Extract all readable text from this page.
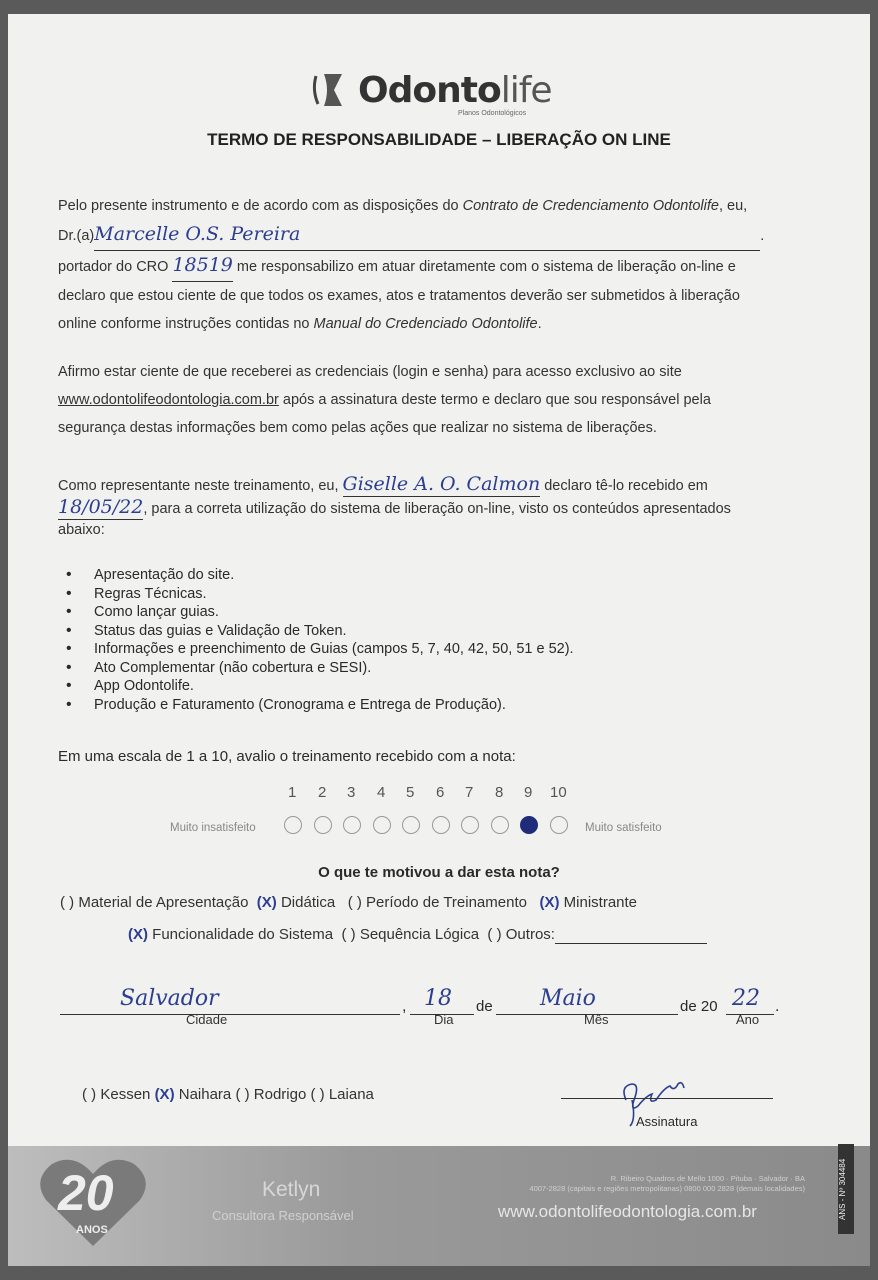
Odontolife
Planos Odontológicos
TERMO DE RESPONSABILIDADE – LIBERAÇÃO ON LINE
Pelo presente instrumento e de acordo com as disposições do Contrato de Credenciamento Odontolife, eu,
Dr.(a)Marcelle O.S. Pereira	.
portador do CRO 18519 me responsabilizo em atuar diretamente com o sistema de liberação on-line e declaro que estou ciente de que todos os exames, atos e tratamentos deverão ser submetidos à liberação online conforme instruções contidas no Manual do Credenciado Odontolife.
Afirmo estar ciente de que receberei as credenciais (login e senha) para acesso exclusivo ao site www.odontolifeodontologia.com.br após a assinatura deste termo e declaro que sou responsável pela segurança destas informações bem como pelas ações que realizar no sistema de liberações.
Como representante neste treinamento, eu, Giselle A. O. Calmon declaro tê-lo recebido em 18/05/22, para a correta utilização do sistema de liberação on-line, visto os conteúdos apresentados abaixo:
• Apresentação do site.
• Regras Técnicas.
• Como lançar guias.
• Status das guias e Validação de Token.
• Informações e preenchimento de Guias (campos 5, 7, 40, 42, 50, 51 e 52).
• Ato Complementar (não cobertura e SESI).
• App Odontolife.
• Produção e Faturamento (Cronograma e Entrega de Produção).
Em uma escala de 1 a 10, avalio o treinamento recebido com a nota:
1 2 3 4 5 6 7 8 9 10
Muito insatisfeito	Muito satisfeito
O que te motivou a dar esta nota?
( ) Material de Apresentação (X) Didática ( ) Período de Treinamento (X) Ministrante
(X) Funcionalidade do Sistema ( ) Sequência Lógica ( ) Outros:
Salvador
Cidade
, 18
Dia
de Maio
Mês
de 20 22
Ano
.
( ) Kessen (X) Naihara ( ) Rodrigo ( ) Laiana
Assinatura
20
ANOS
Ketlyn
Consultora Responsável
R. Ribeiro Quadros de Mello 1000 · Pituba · Salvador · BA
4007-2828 (capitais e regiões metropolitanas) 0800 000 2828 (demais localidades)
www.odontolifeodontologia.com.br	ANS - Nº 304484
